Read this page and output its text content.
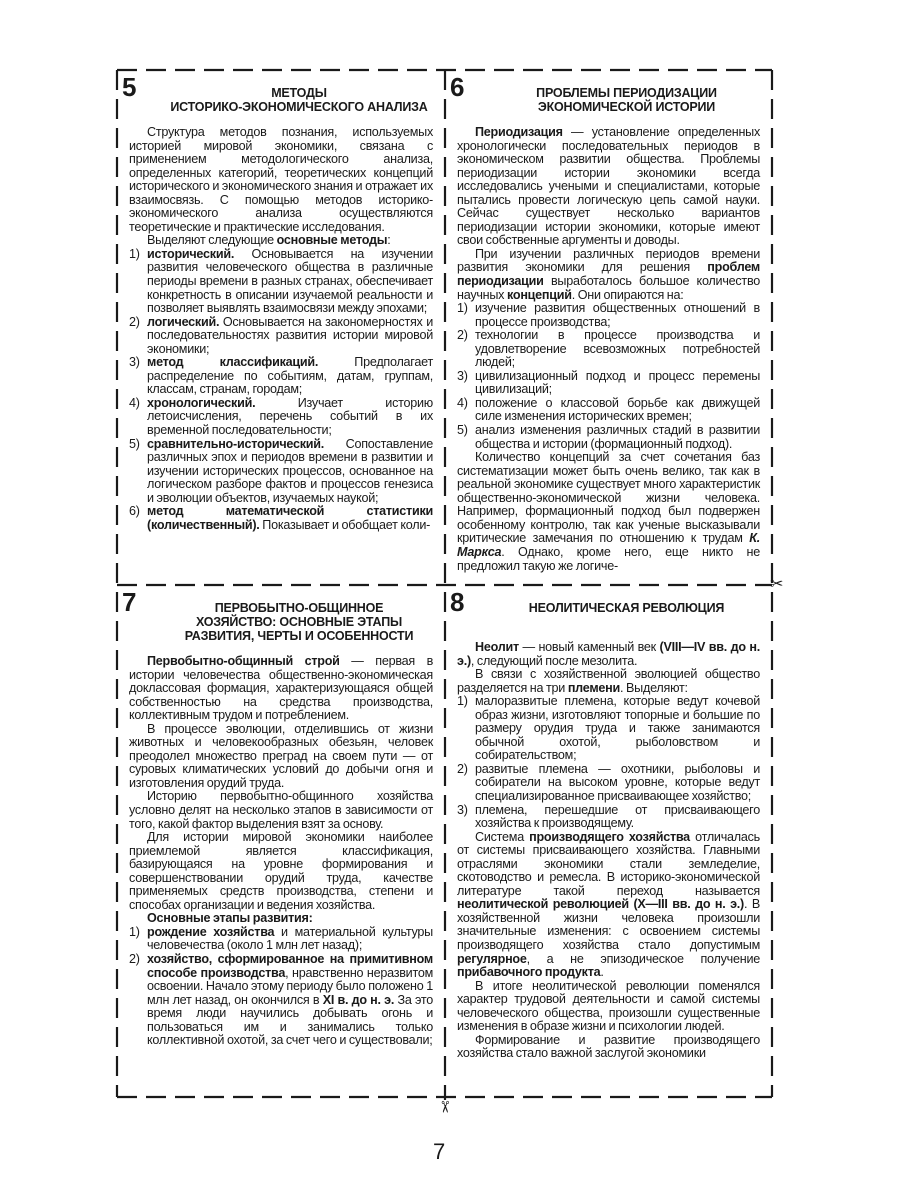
✂
✂
5	МЕТОДЫ
ИСТОРИКО-ЭКОНОМИЧЕСКОГО АНАЛИЗА
Структура методов познания, используемых историей мировой экономики, связана с применением методологического анализа, определенных категорий, теоретических концепций исторического и экономического знания и отражает их взаимосвязь. С помощью методов историко-экономического анализа осуществляются теоретические и практические исследования.
Выделяют следующие основные методы:
1) исторический. Основывается на изучении развития человеческого общества в различные периоды времени в разных странах, обеспечивает конкретность в описании изучаемой реальности и позволяет выявлять взаимосвязи между эпохами;
2) логический. Основывается на закономерностях и последовательностях развития истории мировой экономики;
3) метод классификаций. Предполагает распределение по событиям, датам, группам, классам, странам, городам;
4) хронологический. Изучает историю летоисчисления, перечень событий в их временной последовательности;
5) сравнительно-исторический. Сопоставление различных эпох и периодов времени в развитии и изучении исторических процессов, основанное на логическом разборе фактов и процессов генезиса и эволюции объектов, изучаемых наукой;
6) метод математической статистики (количественный). Показывает и обобщает коли-
6	ПРОБЛЕМЫ ПЕРИОДИЗАЦИИ
ЭКОНОМИЧЕСКОЙ ИСТОРИИ
Периодизация — установление определенных хронологически последовательных периодов в экономическом развитии общества. Проблемы периодизации истории экономики всегда исследовались учеными и специалистами, которые пытались провести логическую цепь самой науки. Сейчас существует несколько вариантов периодизации истории экономики, которые имеют свои собственные аргументы и доводы.
При изучении различных периодов времени развития экономики для решения проблем периодизации выработалось большое количество научных концепций. Они опираются на:
1) изучение развития общественных отношений в процессе производства;
2) технологии в процессе производства и удовлетворение всевозможных потребностей людей;
3) цивилизационный подход и процесс перемены цивилизаций;
4) положение о классовой борьбе как движущей силе изменения исторических времен;
5) анализ изменения различных стадий в развитии общества и истории (формационный подход).
Количество концепций за счет сочетания баз систематизации может быть очень велико, так как в реальной экономике существует много характеристик общественно-экономической жизни человека. Например, формационный подход был подвержен особенному контролю, так как ученые высказывали критические замечания по отношению к трудам К. Маркса. Однако, кроме него, еще никто не предложил такую же логиче-
7	ПЕРВОБЫТНО-ОБЩИННОЕ
ХОЗЯЙСТВО: ОСНОВНЫЕ ЭТАПЫ
РАЗВИТИЯ, ЧЕРТЫ И ОСОБЕННОСТИ
Первобытно-общинный строй — первая в истории человечества общественно-экономическая доклассовая формация, характеризующаяся общей собственностью на средства производства, коллективным трудом и потреблением.
В процессе эволюции, отделившись от жизни животных и человекообразных обезьян, человек преодолел множество преград на своем пути — от суровых климатических условий до добычи огня и изготовления орудий труда.
Историю первобытно-общинного хозяйства условно делят на несколько этапов в зависимости от того, какой фактор выделения взят за основу.
Для истории мировой экономики наиболее приемлемой является классификация, базирующаяся на уровне формирования и совершенствовании орудий труда, качестве применяемых средств производства, степени и способах организации и ведения хозяйства.
Основные этапы развития:
1) рождение хозяйства и материальной культуры человечества (около 1 млн лет назад);
2) хозяйство, сформированное на примитивном способе производства, нравственно неразвитом освоении. Начало этому периоду было положено 1 млн лет назад, он окончился в XI в. до н. э. За это время люди научились добывать огонь и пользоваться им и занимались только коллективной охотой, за счет чего и существовали;
8	НЕОЛИТИЧЕСКАЯ РЕВОЛЮЦИЯ
Неолит — новый каменный век (VIII—IV вв. до н. э.), следующий после мезолита.
В связи с хозяйственной эволюцией общество разделяется на три племени. Выделяют:
1) малоразвитые племена, которые ведут кочевой образ жизни, изготовляют топорные и большие по размеру орудия труда и также занимаются обычной охотой, рыболовством и собирательством;
2) развитые племена — охотники, рыболовы и собиратели на высоком уровне, которые ведут специализированное присваивающее хозяйство;
3) племена, перешедшие от присваивающего хозяйства к производящему.
Система производящего хозяйства отличалась от системы присваивающего хозяйства. Главными отраслями экономики стали земледелие, скотоводство и ремесла. В историко-экономической литературе такой переход называется неолитической революцией (X—III вв. до н. э.). В хозяйственной жизни человека произошли значительные изменения: с освоением системы производящего хозяйства стало допустимым регулярное, а не эпизодическое получение прибавочного продукта.
В итоге неолитической революции поменялся характер трудовой деятельности и самой системы человеческого общества, произошли существенные изменения в образе жизни и психологии людей.
Формирование и развитие производящего хозяйства стало важной заслугой экономики
7
